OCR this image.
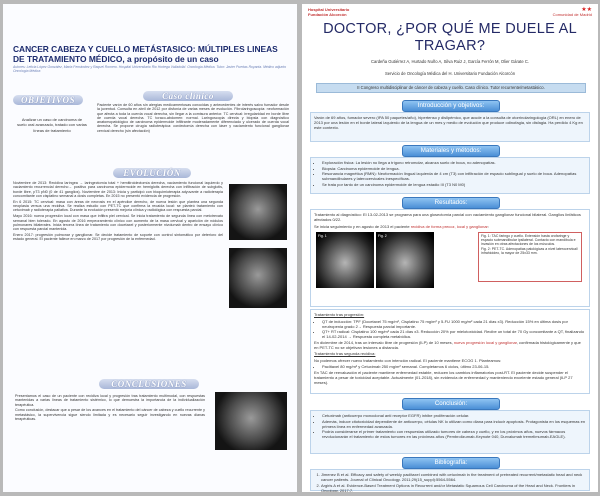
CANCER CABEZA Y CUELLO METÁSTASICO: MÚLTIPLES LINEAS DE TRATAMIENTO MÉDICO, a propósito de un caso
Autores: Leticia López González, Marta Fernández y Raquel Romero. Hospital Universitario Rio Hortega Valladolid. Oncología Médica. Tutor: Javier Puertas Royanta. Médico adjunto Oncología Médica
OBJETIVOS
Analizar un caso de carcinoma de suelo oral avanzado, tratado con varias líneas de tratamiento
Caso clínico
Paciente varón de 60 años sin alergias medicamentosas conocidas y antecedentes de interés salvo fumador desde la juventud. Consulta en abril de 2012 por disfonía de varias meses de evolución. Fibrolaringoscopia: neoformación que afecta a toda la cuerda vocal derecha, sin llegar a la comisura anterior. TC cervical: irregularidad en borde libre de cuerda vocal derecha. TC toraco-abdomen: normal. Laringoscopia directa y biopsia con diagnóstico anatomopatológico de carcinoma epidermoide infiltrante moderadamente diferenciado y ulcerado de cuerda vocal derecha. Se propone cirugía radioterápica: cordectomía derecha con láser y vaciamiento funcional ganglionar cervical derecho (sin afectación)
EVOLUCIÓN

Noviembre de 2013: Recidiva laríngea → laringectomía total + hemitiroidectomía derecha, vaciamiento funcional izquierdo y vaciamiento recurrencial derecho→ positivo para carcinoma epidermoide en hemiglotis derecha con infiltración de subglotis, borde libre, pT3 pN0 (0 de 41 ganglios). Noviembre de 2013: Inicia y participó con bioquimioterapia adyuvante a radioterapia concomitante con cisplatino semanal a dosis completas. En 2015 no presentó evidencia de progresión.

En 6 2015: TC cervical: masa con áreas de necrosis en el apéndice derecho, de nueva lesión que plantea una segunda neoplasia versus una recidiva. Se realiza estudio con PET-TC que confirma la recaída local: se planteó tratamiento con cetuximab y radioterapia paliativa. Durante la evolución presentó mejoría clínica y radiológica con respuesta parcial.

Mayo 2016: nueva progresión local con masa que infiltra piel cervical. Se inicia tratamiento de segunda línea con metotrexato semanal bien tolerado. En agosto de 2016 empeoramiento clínico con aumento de la masa cervical y aparición de nódulos pulmonares bilaterales. Inicia tercera línea de tratamiento con docetaxel y posteriormente nivolumab dentro de ensayo clínico con respuesta parcial mantenida.

Enero 2017: progresión pulmonar y ganglionar. Se decide tratamiento de soporte con control sintomático por deterioro del estado general. El paciente fallece en marzo de 2017 por progresión de la enfermedad.

CONCLUSIONES

Presentamos el caso de un paciente con recidiva local y progresión tras tratamiento multimodal, con respuestas mantenidas a varias líneas de tratamiento sistémico, lo que demuestra la importancia de la individualización terapéutica.

Como conclusión, destacar que a pesar de los avances en el tratamiento del cáncer de cabeza y cuello recurrente y metastásico, la supervivencia sigue siendo limitada y es necesario seguir investigando en nuevas dianas terapéuticas.

Hospital Universitario Fundación Alcorcón
★★
Comunidad de Madrid
DOCTOR, ¿POR QUÉ ME DUELE AL TRAGAR?
Cardeña Gutiérrez A, Hurtado Nuño A, Silva Ruiz J, García Ferrón M, Olier Gárate C.
Servicio de Oncología Médica del H. Universitario Fundación Alcorcón
II Congreso multidisciplinar de cáncer de cabeza y cuello. Caso clínico. Tutor recurrente/metastásico.
Introducción y objetivos:

Varón de 69 años, fumador severo (IPA 50 paquetes/año), hipertenso y dislipémico, que acude a la consulta de otorrinolaringología (ORL) en enero de 2013 por una lesión en el borde lateral izquierdo de la lengua de un mes y medio de evolución que produce odinofagia, sin disfagia. Ha perdido 4 Kg en este contexto.

Materiales y métodos:
• Exploración física: La lesión no llega a trígono retromolar, alcanza suelo de boca, no adenopatías.
• Biopsia: Carcinoma epidermoide de lengua.
• Resonancia magnética (RMN): Neoformación lingual izquierda de 4 cm (T3) con infiltración de espacio sublingual y suelo de boca. Adenopatías submandibulares y laterocervicales inespecíficas.
• Se trata por tanto de un carcinoma epidermoide de lengua estadio III (T3 N0 M0)
Resultados:

Tratamiento al diagnóstico: El 13-02-2013 se programa para una glosectomía parcial con vaciamiento ganglionar funcional bilateral. Ganglios linfáticos afectados 0/22.

Se inicia seguimiento y en agosto de 2013 el paciente recidiva de forma precoz, local y ganglionar:

Fig. 1	Fig. 2	Fig. 1: TAC faringo y cuello. Extensión hasta orofaringe y espacio submandibular ipsilateral. Contacto con mandíbula e invasión en otras afectaciones de los músculos.
Fig. 2: PET-TC. Adenopatías patológicas a nivel laterocervical/ infrahioideo, la mayor de 25x33 mm.

Tratamiento tras progresión:

• QT de inducción: TPF (Docetaxel 75 mg/m², Cisplatino 75 mg/m² y 5-FU 1000 mg/m² cada 21 días x3). Reducción 15% en última dosis por neutropenia grado 2→ Respuesta parcial importante.
• QT+ RT radical: Cisplatino 100 mg/m² cada 21 días x3. Reducción 20% por mielotoxicidad. Recibe un total de 70 Gy concomitante a QT, finalizando el 14-02-2014 → Respuesta completa metabólica.

En diciembre de 2014, tras un intervalo libre de progresión (ILP) de 10 meses, nueva progresión local y ganglionar, confirmada histológicamente y que en PET-TC no se objetivan lesiones a distancia.

Tratamiento tras segunda recidiva:

No podemos ofrecer nuevo tratamiento con intención radical. El paciente mantiene ECOG 1. Planteamos:

• Paclitaxel 80 mg/m² y Cetuximab 250 mg/m² semanal. Completamos 6 ciclos, último 23-06-15.

En TAC de reevaluación el paciente mantiene enfermedad estable, reducen los cambios inflamatorios post-RT. El paciente decide suspender el tratamiento a pesar de toxicidad aceptable. Actualmente (01-2018), sin evidencia de enfermedad y manteniendo excelente estado general (ILP 27 meses).

Conclusión:
• Cetuximab (anticuerpo monoclonal anti receptor EGFR) inhibe proliferación celular.
• Además, induce citotoxicidad dependiente de anticuerpo, células NK lo utilizan como diana para inducir apoptosis. Protagonista en los esquemas en primera línea en enfermedad avanzada.
• Podría considerarse el primer tratamiento con respuestas utilizado tumores de cabeza y cuello, y en los próximos años, nuevos fármacos revolucionarán el tratamiento de estos tumores en las próximas años (Pembrolizumab-Keynote 040, Durvalumab tremelimumab-EAGLE).
Bibliografía:
1. Jimenez B et al. Efficacy and safety of weekly paclitaxel combined with cetuximab in the treatment of pretreated recurrent/metastatic head and neck cancer patients. Journal of Clinical Oncology. 2011;29(15_suppl):5564-5564.
2. Argiris A et al. Evidence-Based Treatment Options in Recurrent and/or Metastatic Squamous Cell Carcinoma of the Head and Neck. Frontiers in Oncology, 2017;7.
